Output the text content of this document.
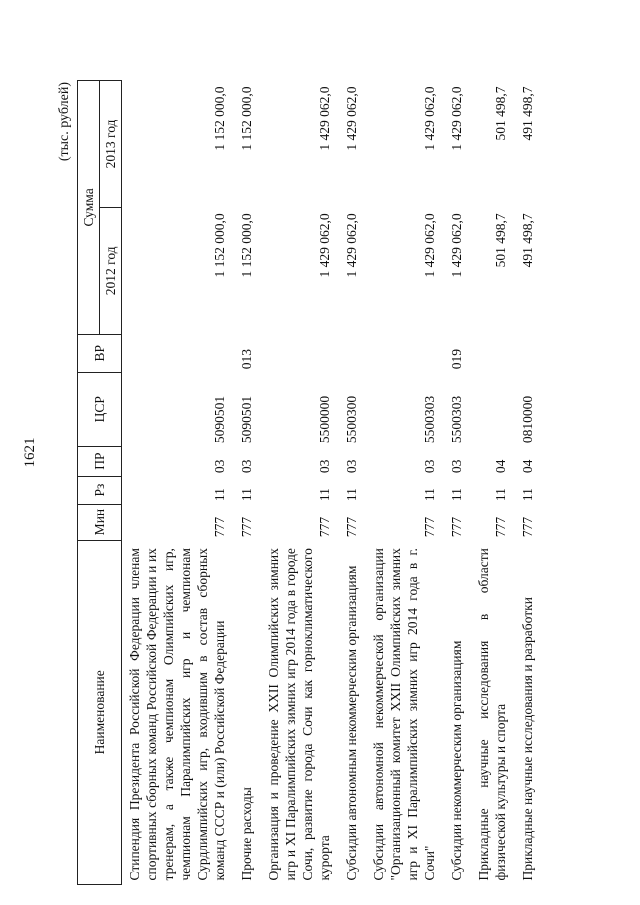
1621
(тыс. рублей)
Наименование	Мин	Рз	ПР	ЦСР	ВР	Сумма	
						2012 год	2013 год
Стипендия Президента Российской Федерации членам спортивных сборных команд Российской Федерации и их тренерам, а также чемпионам Олимпийских игр, чемпионам Паралимпийских игр и чемпионам Сурдлимпийских игр, входившим в состав сборных команд СССР и (или) Российской Федерации	777	11	03	5090501		1 152 000,0	1 152 000,0
Прочие расходы	777	11	03	5090501	013	1 152 000,0	1 152 000,0
Организация и проведение XXII Олимпийских зимних игр и XI Паралимпийских зимних игр 2014 года в городе Сочи, развитие города Сочи как горноклиматического курорта	777	11	03	5500000		1 429 062,0	1 429 062,0
Субсидии автономным некоммерческим организациям	777	11	03	5500300		1 429 062,0	1 429 062,0
Субсидии автономной некоммерческой организации "Организационный комитет XXII Олимпийских зимних игр и XI Паралимпийских зимних игр 2014 года в г. Сочи"	777	11	03	5500303		1 429 062,0	1 429 062,0
Субсидии некоммерческим организациям	777	11	03	5500303	019	1 429 062,0	1 429 062,0
Прикладные научные исследования в области физической культуры и спорта	777	11	04			501 498,7	501 498,7
Прикладные научные исследования и разработки	777	11	04	0810000		491 498,7	491 498,7
